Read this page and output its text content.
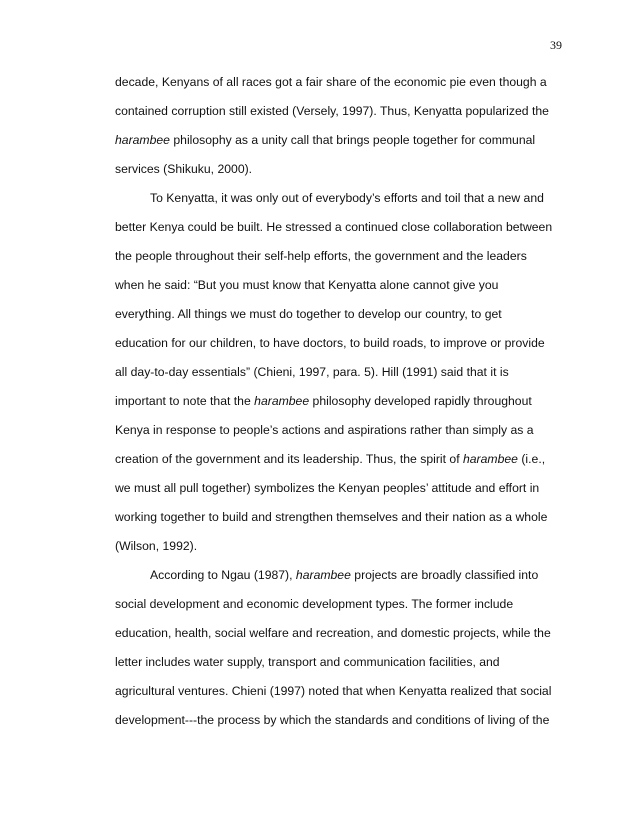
39
decade, Kenyans of all races got a fair share of the economic pie even though a
contained corruption still existed (Versely, 1997). Thus, Kenyatta popularized the
harambee philosophy as a unity call that brings people together for communal
services (Shikuku, 2000).
To Kenyatta, it was only out of everybody’s efforts and toil that a new and
better Kenya could be built. He stressed a continued close collaboration between
the people throughout their self-help efforts, the government and the leaders
when he said: “But you must know that Kenyatta alone cannot give you
everything. All things we must do together to develop our country, to get
education for our children, to have doctors, to build roads, to improve or provide
all day-to-day essentials” (Chieni, 1997, para. 5). Hill (1991) said that it is
important to note that the harambee philosophy developed rapidly throughout
Kenya in response to people’s actions and aspirations rather than simply as a
creation of the government and its leadership. Thus, the spirit of harambee (i.e.,
we must all pull together) symbolizes the Kenyan peoples’ attitude and effort in
working together to build and strengthen themselves and their nation as a whole
(Wilson, 1992).
According to Ngau (1987), harambee projects are broadly classified into
social development and economic development types. The former include
education, health, social welfare and recreation, and domestic projects, while the
letter includes water supply, transport and communication facilities, and
agricultural ventures. Chieni (1997) noted that when Kenyatta realized that social
development---the process by which the standards and conditions of living of the
